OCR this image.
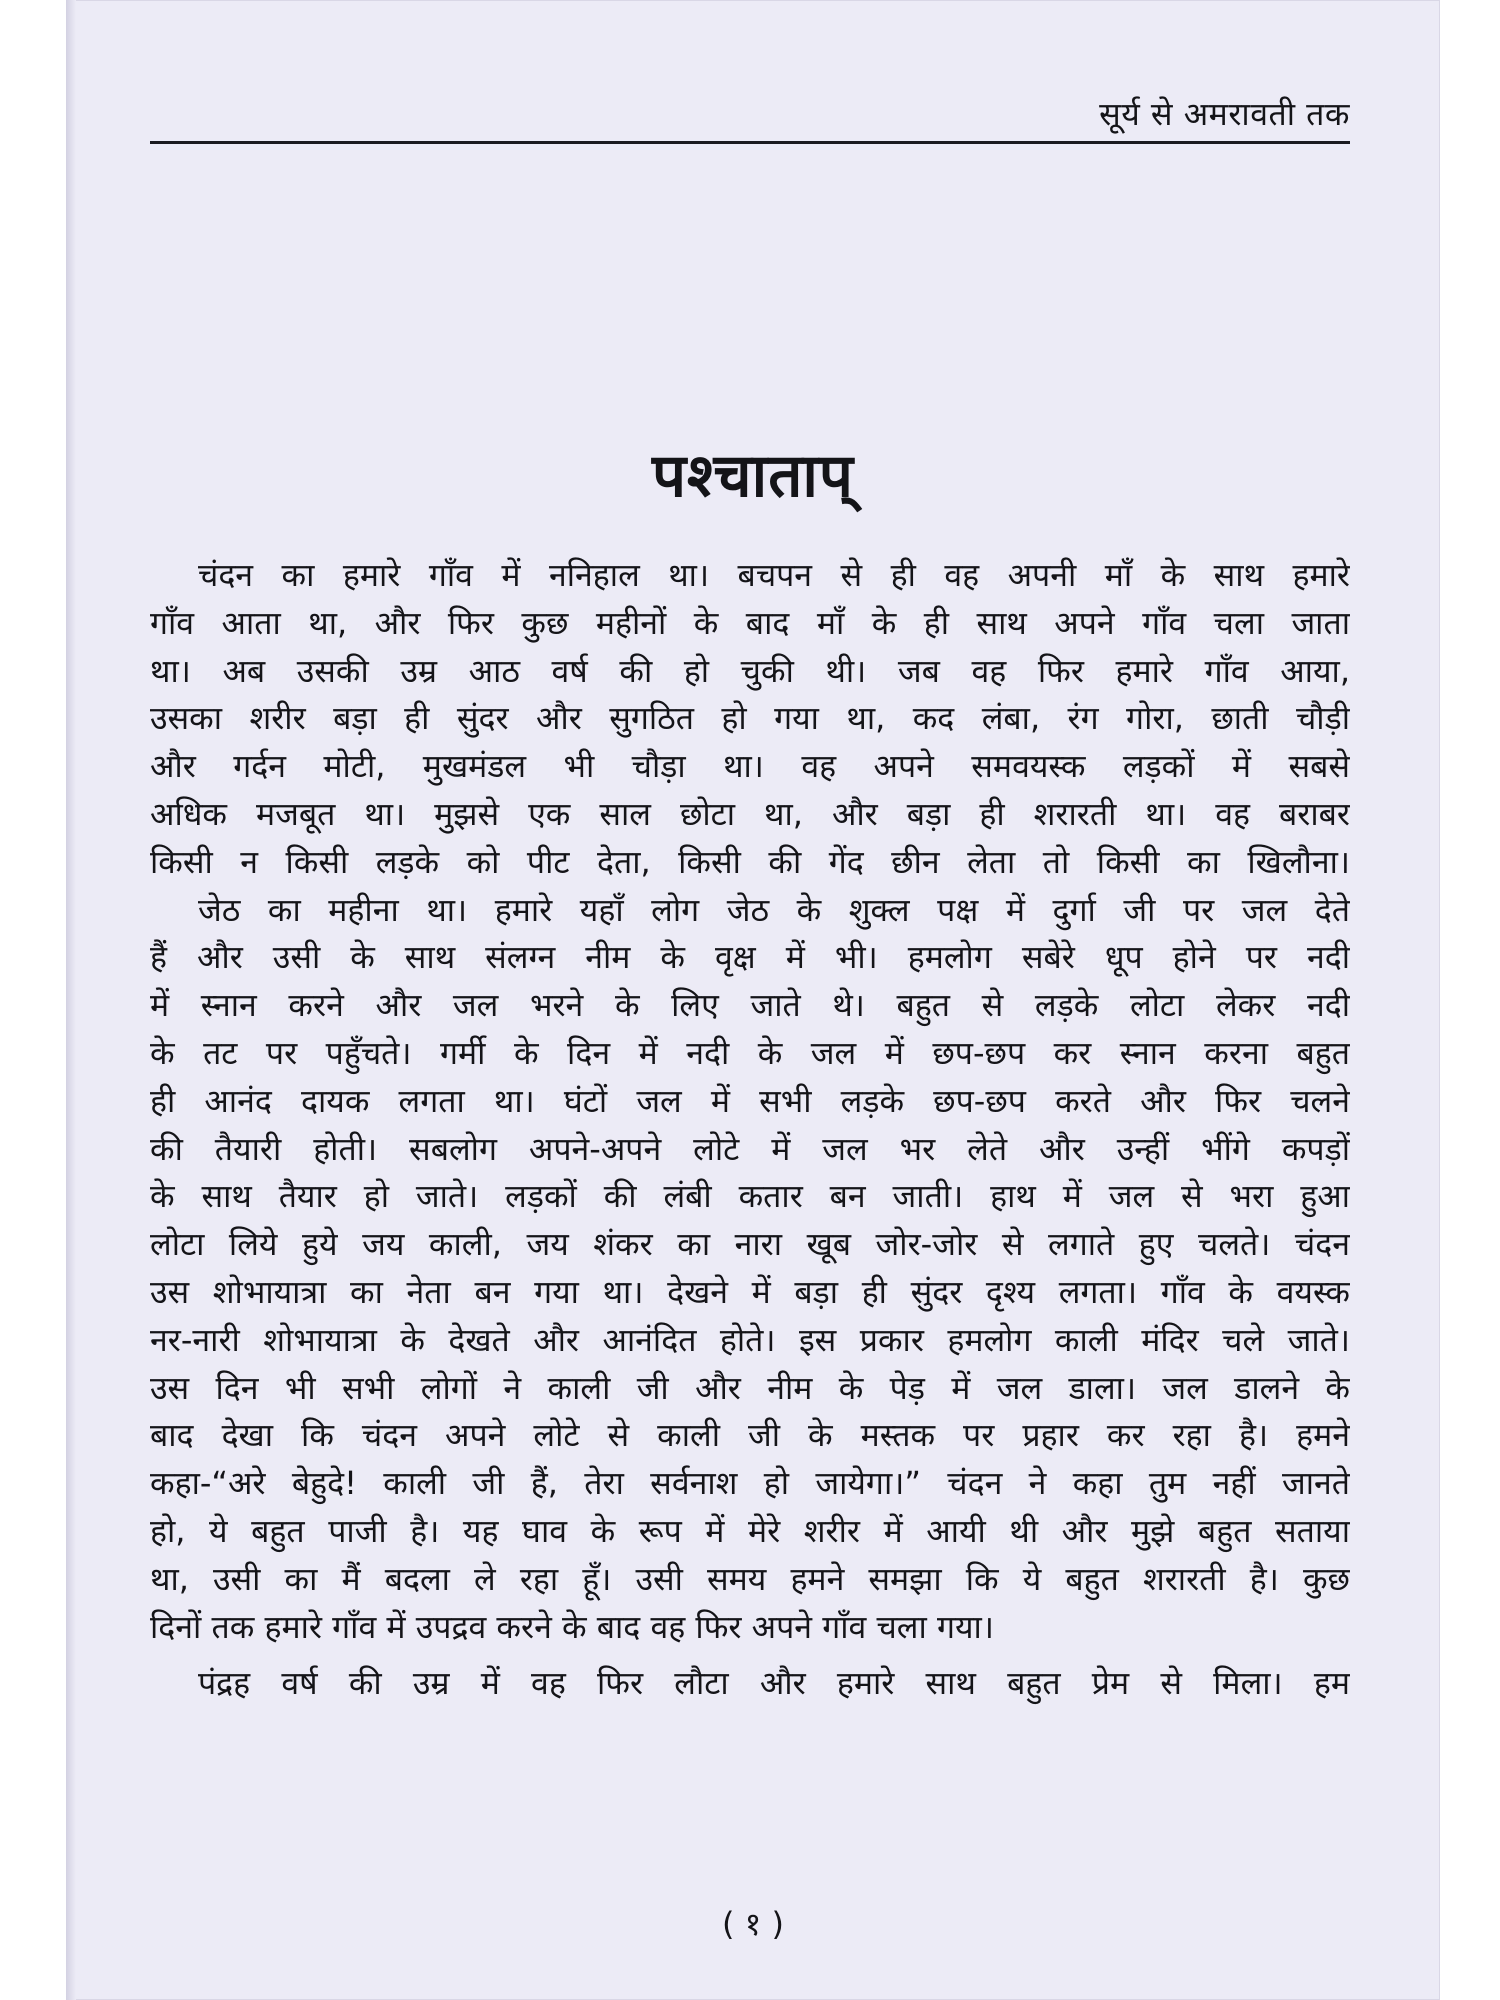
सूर्य से अमरावती तक
पश्चाताप्
चंदन का हमारे गाँव में ननिहाल था। बचपन से ही वह अपनी माँ के साथ हमारे
गाँव आता था, और फिर कुछ महीनों के बाद माँ के ही साथ अपने गाँव चला जाता
था। अब उसकी उम्र आठ वर्ष की हो चुकी थी। जब वह फिर हमारे गाँव आया,
उसका शरीर बड़ा ही सुंदर और सुगठित हो गया था, कद लंबा, रंग गोरा, छाती चौड़ी
और गर्दन मोटी, मुखमंडल भी चौड़ा था। वह अपने समवयस्क लड़कों में सबसे
अधिक मजबूत था। मुझसे एक साल छोटा था, और बड़ा ही शरारती था। वह बराबर
किसी न किसी लड़के को पीट देता, किसी की गेंद छीन लेता तो किसी का खिलौना।
जेठ का महीना था। हमारे यहाँ लोग जेठ के शुक्ल पक्ष में दुर्गा जी पर जल देते
हैं और उसी के साथ संलग्न नीम के वृक्ष में भी। हमलोग सबेरे धूप होने पर नदी
में स्नान करने और जल भरने के लिए जाते थे। बहुत से लड़के लोटा लेकर नदी
के तट पर पहुँचते। गर्मी के दिन में नदी के जल में छप-छप कर स्नान करना बहुत
ही आनंद दायक लगता था। घंटों जल में सभी लड़के छप-छप करते और फिर चलने
की तैयारी होती। सबलोग अपने-अपने लोटे में जल भर लेते और उन्हीं भींगे कपड़ों
के साथ तैयार हो जाते। लड़कों की लंबी कतार बन जाती। हाथ में जल से भरा हुआ
लोटा लिये हुये जय काली, जय शंकर का नारा खूब जोर-जोर से लगाते हुए चलते। चंदन
उस शोभायात्रा का नेता बन गया था। देखने में बड़ा ही सुंदर दृश्य लगता। गाँव के वयस्क
नर-नारी शोभायात्रा के देखते और आनंदित होते। इस प्रकार हमलोग काली मंदिर चले जाते।
उस दिन भी सभी लोगों ने काली जी और नीम के पेड़ में जल डाला। जल डालने के
बाद देखा कि चंदन अपने लोटे से काली जी के मस्तक पर प्रहार कर रहा है। हमने
कहा-“अरे बेहुदे! काली जी हैं, तेरा सर्वनाश हो जायेगा।” चंदन ने कहा तुम नहीं जानते
हो, ये बहुत पाजी है। यह घाव के रूप में मेरे शरीर में आयी थी और मुझे बहुत सताया
था, उसी का मैं बदला ले रहा हूँ। उसी समय हमने समझा कि ये बहुत शरारती है। कुछ
दिनों तक हमारे गाँव में उपद्रव करने के बाद वह फिर अपने गाँव चला गया।
पंद्रह वर्ष की उम्र में वह फिर लौटा और हमारे साथ बहुत प्रेम से मिला। हम
( १ )
